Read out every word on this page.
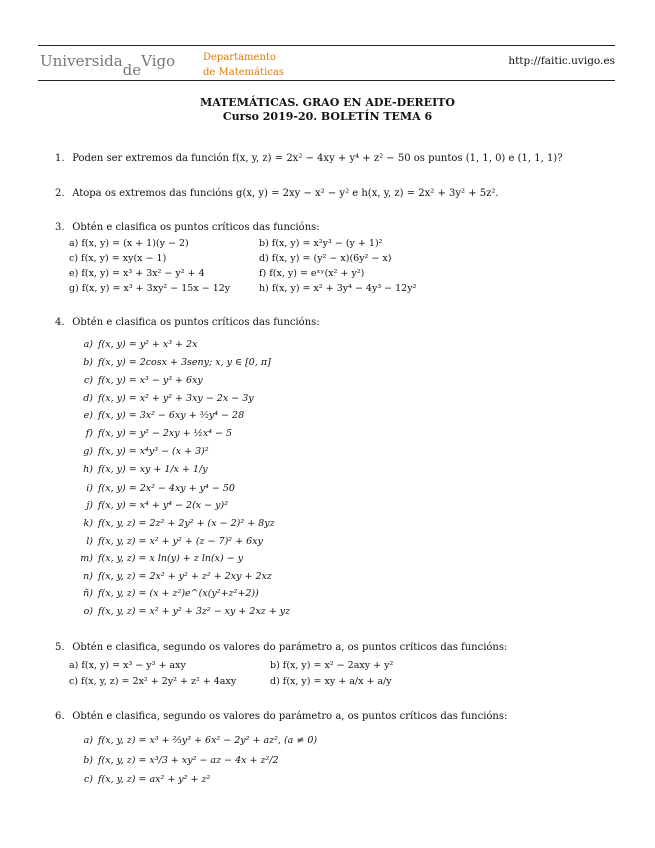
UniversidadeVigo	Departamento
de Matemáticas
http://faitic.uvigo.es
MATEMÁTICAS. GRAO EN ADE-DEREITO
Curso 2019-20. BOLETÍN TEMA 6
1. Poden ser extremos da función f(x, y, z) = 2x² − 4xy + y⁴ + z² − 50 os puntos (1, 1, 0) e (1, 1, 1)?
2. Atopa os extremos das funcións g(x, y) = 2xy − x² − y² e h(x, y, z) = 2x² + 3y² + 5z².
3. Obtén e clasifica os puntos críticos das funcións:
a) f(x, y) = (x + 1)(y − 2)
c) f(x, y) = xy(x − 1)
e) f(x, y) = x³ + 3x² − y² + 4
g) f(x, y) = x³ + 3xy² − 15x − 12y
b) f(x, y) = x²y³ − (y + 1)²
d) f(x, y) = (y² − x)(6y² − x)
f) f(x, y) = eˣʸ(x² + y²)
h) f(x, y) = x² + 3y⁴ − 4y³ − 12y²
4. Obtén e clasifica os puntos críticos das funcións:
a) f(x, y) = y² + x³ + 2x
b) f(x, y) = 2cosx + 3seny; x, y ∈ [0, π]
c) f(x, y) = x³ − y³ + 6xy
d) f(x, y) = x² + y² + 3xy − 2x − 3y
e) f(x, y) = 3x² − 6xy + ³⁄₂y⁴ − 28
f) f(x, y) = y² − 2xy + ½x⁴ − 5
g) f(x, y) = x⁴y³ − (x + 3)²
h) f(x, y) = xy + 1/x + 1/y
i) f(x, y) = 2x² − 4xy + y⁴ − 50
j) f(x, y) = x⁴ + y⁴ − 2(x − y)²
k) f(x, y, z) = 2z² + 2y² + (x − 2)² + 8yz
l) f(x, y, z) = x² + y² + (z − 7)² + 6xy
m) f(x, y, z) = x ln(y) + z ln(x) − y
n) f(x, y, z) = 2x² + y² + z² + 2xy + 2xz
ñ) f(x, y, z) = (x + z²)e^(x(y²+z²+2))
o) f(x, y, z) = x² + y² + 3z² − xy + 2xz + yz
5. Obtén e clasifica, segundo os valores do parámetro a, os puntos críticos das funcións:
a) f(x, y) = x³ − y³ + axy
c) f(x, y, z) = 2x² + 2y² + z² + 4axy
b) f(x, y) = x² − 2axy + y²
d) f(x, y) = xy + a/x + a/y
6. Obtén e clasifica, segundo os valores do parámetro a, os puntos críticos das funcións:
a) f(x, y, z) = x³ + ²⁄₃y³ + 6x² − 2y² + az², (a ≠ 0)
b) f(x, y, z) = x³/3 + xy² − az − 4x + z²/2
c) f(x, y, z) = ax² + y² + z²
